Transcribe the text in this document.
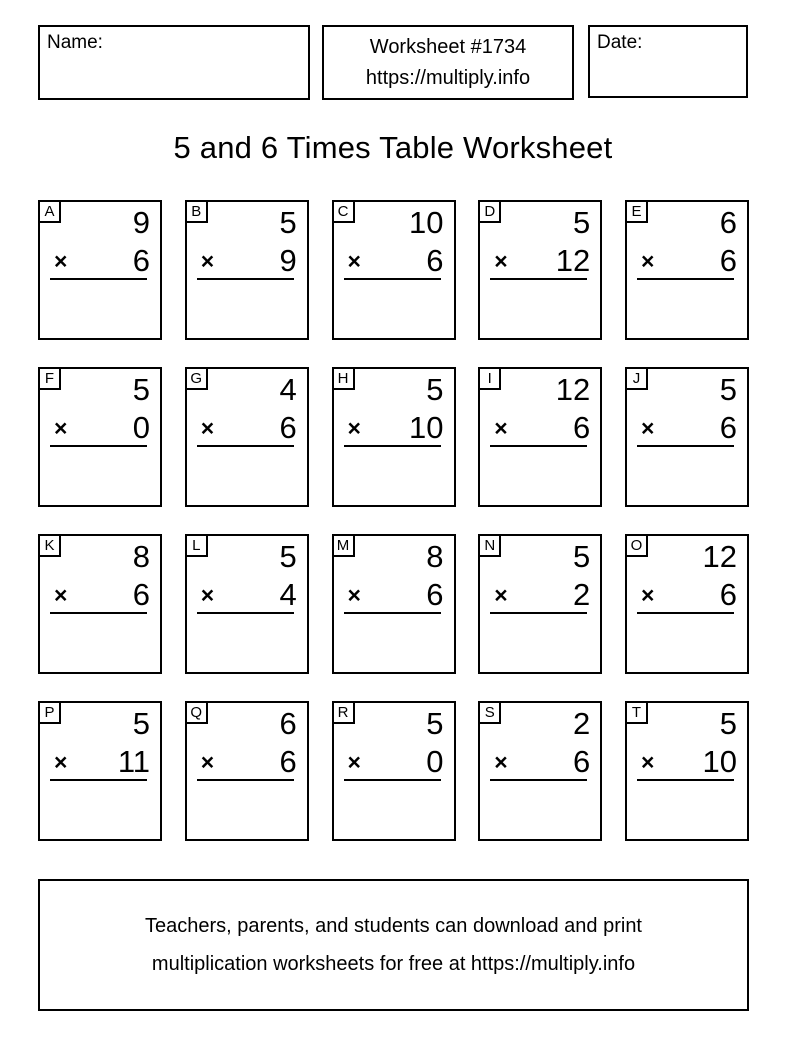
Name:	Worksheet #1734
https://multiply.info
Date:
5 and 6 Times Table Worksheet
A	9
× 6
B	5
× 9
C 10
× 6
D	5
× 12
E	6
× 6
F	5
× 0
G 4
× 6
H	5
× 10
I	12
× 6
J	5
× 6
K	8
× 6
L	5
× 4
M 8
× 6
N	5
× 2
O 12
× 6
P	5
× 11
Q 6
× 6
R	5
× 0
S	2
× 6
T	5
× 10
Teachers, parents, and students can download and print
multiplication worksheets for free at https://multiply.info
